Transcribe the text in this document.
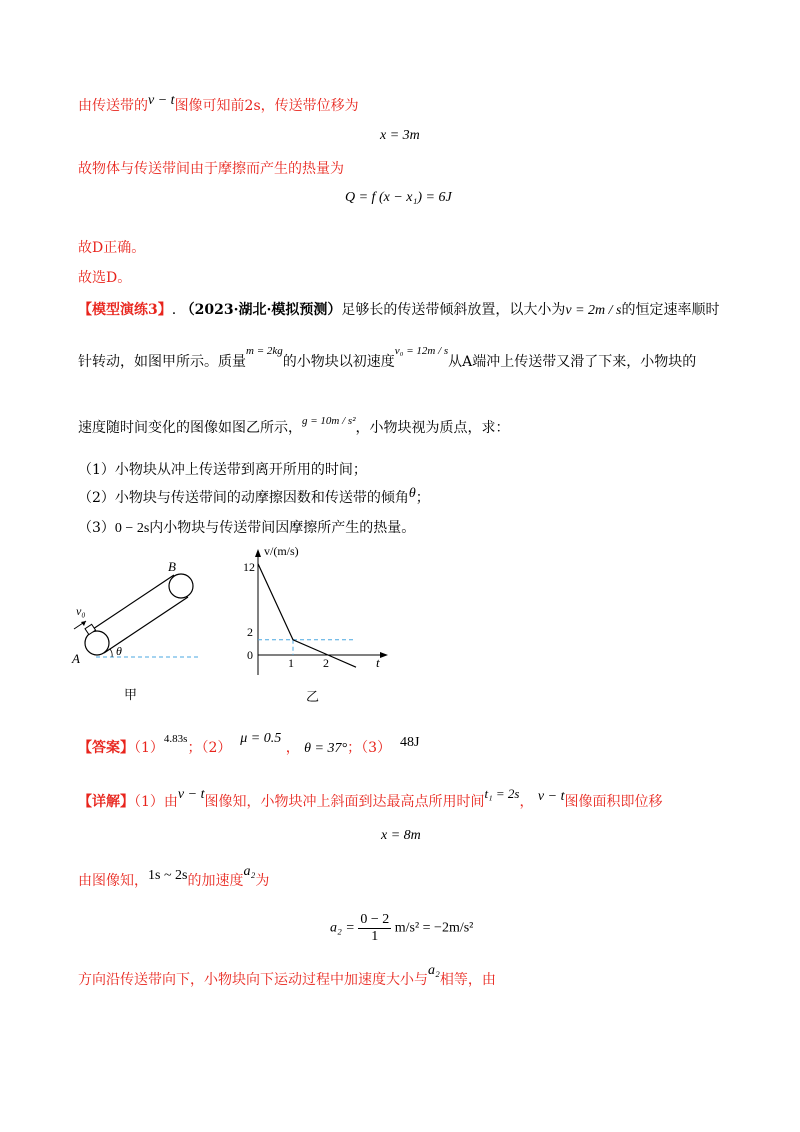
由传送带的v − t图像可知前2s，传送带位移为
x = 3m
故物体与传送带间由于摩擦而产生的热量为
Q = f (x − x₁) = 6J
故D正确。
故选D。
【模型演练3】. （2023·湖北·模拟预测）足够长的传送带倾斜放置，以大小为v = 2m / s的恒定速率顺时
针转动，如图甲所示。质量$^{m = 2kg}$的小物块以初速度$^{v_0 = 12m / s}$从A端冲上传送带又滑了下来，小物块的
速度随时间变化的图像如图乙所示，$^{g = 10m / s^2}$，小物块视为质点，求：
（1）小物块从冲上传送带到离开所用的时间；
（2）小物块与传送带间的动摩擦因数和传送带的倾角θ；
（3）0 − 2s内小物块与传送带间因摩擦所产生的热量。
v₀
A
B
θ
甲
v/(m/s)
t
12
2
0
1 2
乙
【答案】$(1)^{4.83s}$；（2）  μ = 0.5 ， θ = 37°；（3） 48J
【详解】（1）由v − t图像知，小物块冲上斜面到达最高点所用时间t₁ = 2s， v − t图像面积即位移
x = 8m
由图像知，1s ~ 2s的加速度a₂为
$a_2 = \frac{0 - 2}{1} m/s^2 = -2m/s^2$
方向沿传送带向下，小物块向下运动过程中加速度大小与a₂相等，由
